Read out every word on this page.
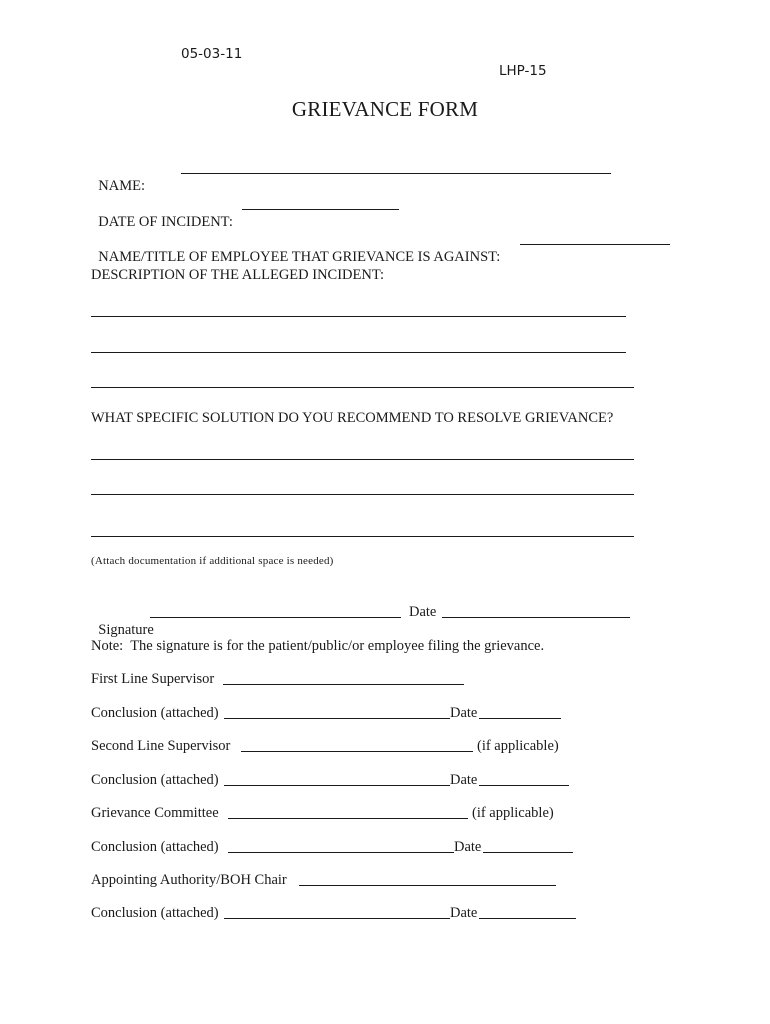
05-03-11
LHP-15
GRIEVANCE FORM

NAME:

DATE OF INCIDENT:

NAME/TITLE OF EMPLOYEE THAT GRIEVANCE IS AGAINST:

DESCRIPTION OF THE ALLEGED INCIDENT:
WHAT SPECIFIC SOLUTION DO YOU RECOMMEND TO RESOLVE GRIEVANCE?
(Attach documentation if additional space is needed)

Signature

Date
Note:  The signature is for the patient/public/or employee filing the grievance.
First Line Supervisor
Conclusion (attached)	Date
Second Line Supervisor	(if applicable)
Conclusion (attached)	Date
Grievance Committee	(if applicable)
Conclusion (attached)	Date
Appointing Authority/BOH Chair
Conclusion (attached)	Date
